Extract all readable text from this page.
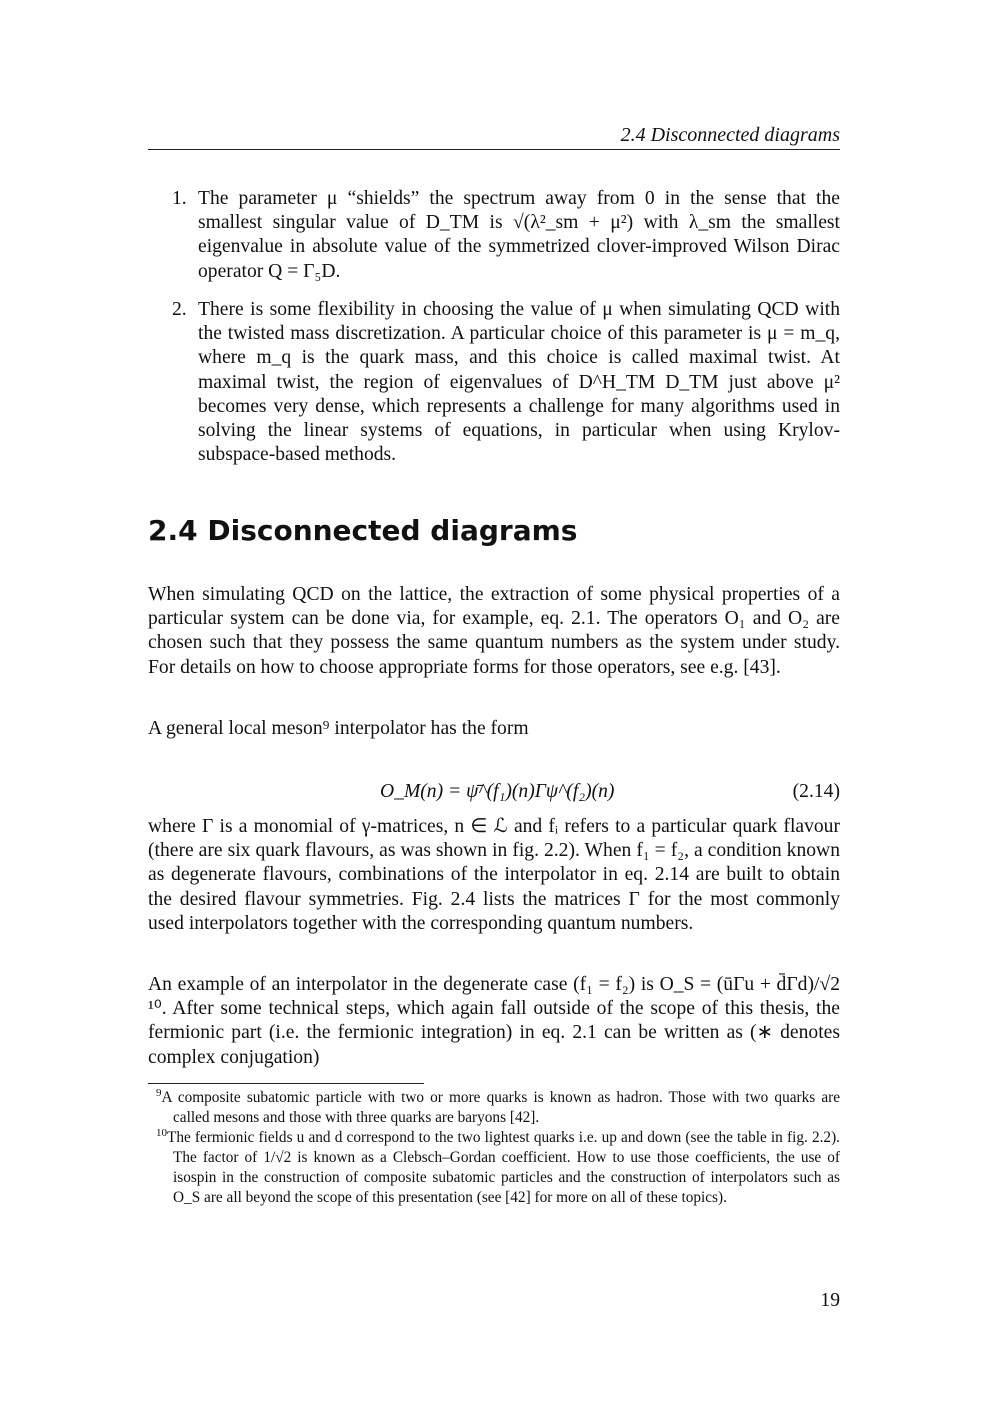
2.4 Disconnected diagrams
1. The parameter μ “shields” the spectrum away from 0 in the sense that the smallest singular value of D_TM is √(λ²_sm + μ²) with λ_sm the smallest eigenvalue in absolute value of the symmetrized clover-improved Wilson Dirac operator Q = Γ₅D.
2. There is some flexibility in choosing the value of μ when simulating QCD with the twisted mass discretization. A particular choice of this parameter is μ = m_q, where m_q is the quark mass, and this choice is called maximal twist. At maximal twist, the region of eigenvalues of D^H_TM D_TM just above μ² becomes very dense, which represents a challenge for many algorithms used in solving the linear systems of equations, in particular when using Krylov-subspace-based methods.
2.4 Disconnected diagrams
When simulating QCD on the lattice, the extraction of some physical properties of a particular system can be done via, for example, eq. 2.1. The operators O₁ and O₂ are chosen such that they possess the same quantum numbers as the system under study. For details on how to choose appropriate forms for those operators, see e.g. [43].
A general local meson⁹ interpolator has the form
O_M(n) = ψ̄^(f₁)(n)Γψ^(f₂)(n)	(2.14)
where Γ is a monomial of γ-matrices, n ∈ ℒ and fᵢ refers to a particular quark flavour (there are six quark flavours, as was shown in fig. 2.2). When f₁ = f₂, a condition known as degenerate flavours, combinations of the interpolator in eq. 2.14 are built to obtain the desired flavour symmetries. Fig. 2.4 lists the matrices Γ for the most commonly used interpolators together with the corresponding quantum numbers.
An example of an interpolator in the degenerate case (f₁ = f₂) is O_S = (ūΓu + d̄Γd)/√2 ¹⁰. After some technical steps, which again fall outside of the scope of this thesis, the fermionic part (i.e. the fermionic integration) in eq. 2.1 can be written as (∗ denotes complex conjugation)
$^9$A composite subatomic particle with two or more quarks is known as hadron. Those with two quarks are called mesons and those with three quarks are baryons [42].
$^{10}$The fermionic fields u and d correspond to the two lightest quarks i.e. up and down (see the table in fig. 2.2). The factor of 1/√2 is known as a Clebsch–Gordan coefficient. How to use those coefficients, the use of isospin in the construction of composite subatomic particles and the construction of interpolators such as O_S are all beyond the scope of this presentation (see [42] for more on all of these topics).
19
